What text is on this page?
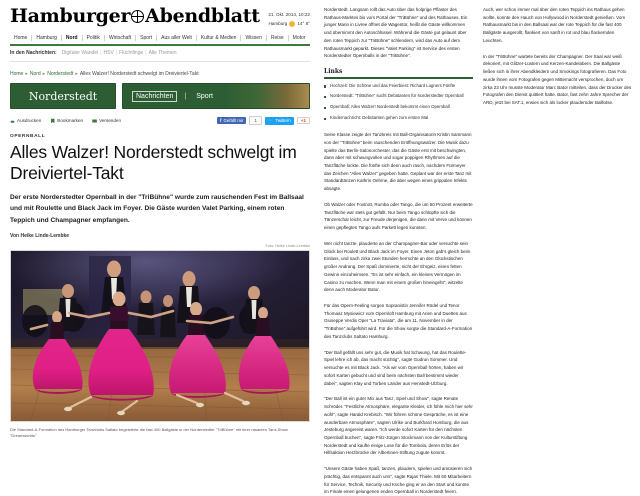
Hamburger Abendblatt 21. Okt. 2014, 10:22
Hamburg 14° 8°
Home	Hamburg	Nord	Politik	Wirtschaft	Sport	Aus aller Welt	Kultur & Medien	Wissen	Reise	Motor
In den Nachrichten: Digitaler Wandel | HSV | Flüchtlinge | Alle Themen
Home ▸ Nord ▸ Norderstedt ▸ Alles Walzer! Norderstedt schwelgt im Dreiviertel-Takt
Norderstedt	Nachrichten	|	Sport
Ausdrucken	Bookmarken	Versenden	f Gefällt mir	1	🐦 Twittern	+1
OPERNBALL
Alles Walzer! Norderstedt schwelgt im Dreiviertel-Takt
Der erste Norderstedter Opernball in der "TriBühne" wurde zum rauschenden Fest im Ballsaal und mit Roulette und Black Jack im Foyer. Die Gäste wurden Valet Parking, einem roten Teppich und Champagner empfangen.
Von Heike Linde-Lembke
Foto: Heike Linde-Lembke
Die Standard-A-Formation des Hamburger Tanzclubs Saltato begeisterte die fast 400 Ballgäste in der Norderstedter "TriBühne" mit ihrer rasanten Tanz-Show "Dreamworlds"

Norderstedt. Langsam rollt das Auto über das holprige Pflaster des Rathaus-Marktes bis vors Portal der "TriBühne" und des Rathauses. Ein junger Mann in Livree öffnet die Wagentür, heißt die Gäste willkommen und übernimmt den Autoschlüssel. Während die Gäste gut gelaunt über den roten Teppich zur "TriBühne" schlendern, wird das Auto auf dem Rathausmarkt geparkt. Dieses "Valet Parking" ist Service des ersten Norderstedter Opernballs in der "TriBühne".

Links
Hochzeit: Die Schöne und das Feierbiest: Richard Lugners Fünfte
Norderstedt: "TriBühne" sucht Debütanten für Norderstedter Opernball
Opernball: Alles Walzer! Norderstedt bekommt einen Opernball
Kindernachricht: Debütanten gehen zum ersten Mal

Seine Klasse zeigte der Tanzkreis mit Ball-Organisatorin Kristin Sammann von der "TriBühne" beim rauschenden Eröffnungswalzer. Die Musik dazu spielte das Berlin-Salonorchester, das die Gäste erst mit beschwingten, dann aber mit schwungvollen und sogar poppigen Rhythmen auf die Tanzfläche lockte. Die fünfte sich denn auch rasch, nachdem Fürmeyer das Zeichen "Alles Walzer" gegeben hatte. Geplant war der erste Tanz mit Standardtänzen Kathrin Oehme, die aber wegen eines grippalen Infekts absagte.

Ob Walzer oder Foxtrott, Rumba oder Tango, die um 50 Prozent erweiterte Tanzfläche war stets gut gefüllt. Nur beim Tango schlüpfte sich die Tänzerschar leicht, zur Freude derjenigen, die dann mit Verve und können einen gepflegten Tango aufs Parkett legen konnten.

Wer nicht tanzte, plauderte an der Champagner-Bar oder versuchte sein Glück bei Roulett und Black Jack im Foyer. Einen Jeton gab's gleich beim Einlass, und nach zirka zwei Stunden herrschte an den Glückstischen großer Andrang. Der Spaß dominierte, nicht der Ehrgeiz, einen fetten Gewinn einzuheimsen. "Es ist sehr einfach, ein kleines Vermögen im Casino zu machen. Wenn man mit einem großen hineingeht", witzelte denn auch Moderator Bator.

Für das Opern-Feeling sorgen Sopranistin Jennifer Rödel und Tenor Thomaaz Mysiewicz vom Opernloft Hamburg mit Arien und Duetten aus Giuseppe Verdis Oper "La Traviata", die am 11. November in der "TriBühne" aufgeführt wird. Für die Show sorgte die Standard-A-Formation des Tanzclubs Saltato Hamburg.

"Der Ball gefällt uns sehr gut, die Musik hat Schwung, hat das Roulette-Spiel lehre ich ab, das macht süchtig", sagte Gudrun Sommer. Und versuchte es mit Black Jack. "Als wir vom Opernball hörten, haben wir sofort Karten gebucht und sind beim nächsten Ball bestimmt wieder dabei", sagten Klay und Torben Länder aus Henstedt-Ulzburg.

"Der Ball ist ein guter Mix aus Tanz, Spiel und Show", sagte Renate Schröder. "Festliche Atmosphäre, elegante Kleider, ich fühle mich hier sehr wohl", sagte Harald Krebisch. "Wir führen schöne Gespräche, es ist eine wunderbare Atmosphäre", sagten Ulrike und Burkhard Homburg, die aus Jesteburg angereist waren. "Ich werde sofort Karten für den nächsten Opernball buchen", sagte Fritz-Jürgen Stockmann von der Kulturstiftung Norderstedt und kaufte einige Lose für die Tombola, deren Erlös der Hilfsaktion Herzbrücke der Albertinen-Stiftung zugute kommt.

"Unsere Gäste haben Spaß, tanzen, plaudern, spielen und amüsieren sich prächtig, das entspannt auch uns", sagte Rajas Thiele. Mit 60 Mitarbeitern für Service, Technik, Security und Küche ging er an den Start und konnte im Finale einen gelungenen enden Opernball in Norderstedt feiern.

Auch, wer schon immer mal über den roten Teppich ins Rathaus gehen wollte, konnte den Hauch von Hollywood in Norderstedt genießen. Vom Rathausmarkt bis in den Ballsaal war der rote Teppich für die fast 400 Ballgäste ausgerollt, flankiert von sanft in rot und blau flackernden Leuchten.

In der "TriBühne" wartete bereits der Champagner. Der Saal war weiß dekoriert, mit Glitzer-Lüstern und Kerzen-Kandelabern. Die Ballgäste ließen sich in ihrer Abendkleidern und Smokings fotografieren. Das Foto wurde ihnen vom Fotografen gegen Mittemacht versprochen, doch um zirka 23 Uhr musste Moderator Marc Bator mitteilen, dass der Drucker des Fotografen den Dienst quittiert hatte. Bator, fast zehn Jahre Sprecher der ARD, jetzt bei SAT.1, erwies sich als locker plaudernder Balllotse.
